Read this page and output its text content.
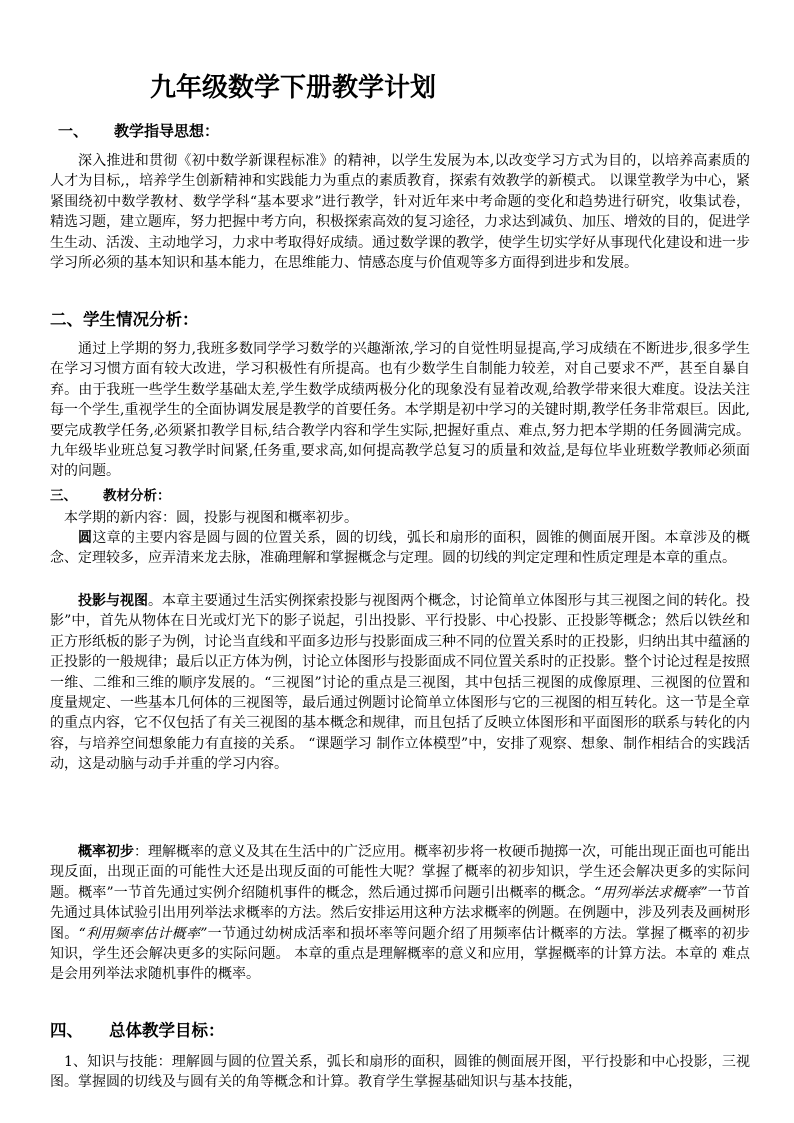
九年级数学下册教学计划
一、 教学指导思想：

深入推进和贯彻《初中数学新课程标准》的精神，以学生发展为本,以改变学习方式为目的，以培养高素质的人才为目标,，培养学生创新精神和实践能力为重点的素质教育，探索有效教学的新模式。 以课堂教学为中心，紧紧围绕初中数学教材、数学学科“基本要求”进行教学，针对近年来中考命题的变化和趋势进行研究，收集试卷，精选习题，建立题库，努力把握中考方向，积极探索高效的复习途径，力求达到减负、加压、增效的目的，促进学生生动、活泼、主动地学习，力求中考取得好成绩。通过数学课的教学，使学生切实学好从事现代化建设和进一步学习所必须的基本知识和基本能力，在思维能力、情感态度与价值观等多方面得到进步和发展。

二、学生情况分析：

通过上学期的努力,我班多数同学学习数学的兴趣渐浓,学习的自觉性明显提高,学习成绩在不断进步,很多学生在学习习惯方面有较大改进，学习积极性有所提高。也有少数学生自制能力较差，对自己要求不严，甚至自暴自弃。由于我班一些学生数学基础太差,学生数学成绩两极分化的现象没有显着改观,给教学带来很大难度。设法关注每一个学生,重视学生的全面协调发展是教学的首要任务。本学期是初中学习的关键时期,教学任务非常艰巨。因此,要完成教学任务,必须紧扣教学目标,结合教学内容和学生实际,把握好重点、难点,努力把本学期的任务圆满完成。九年级毕业班总复习教学时间紧,任务重,要求高,如何提高教学总复习的质量和效益,是每位毕业班数学教师必须面对的问题。

三、 教材分析：

本学期的新内容：圆，投影与视图和概率初步。

圆这章的主要内容是圆与圆的位置关系，圆的切线，弧长和扇形的面积，圆锥的侧面展开图。本章涉及的概念、定理较多，应弄清来龙去脉，准确理解和掌握概念与定理。圆的切线的判定定理和性质定理是本章的重点。

投影与视图。本章主要通过生活实例探索投影与视图两个概念，讨论简单立体图形与其三视图之间的转化。投影”中，首先从物体在日光或灯光下的影子说起，引出投影、平行投影、中心投影、正投影等概念；然后以铁丝和正方形纸板的影子为例，讨论当直线和平面多边形与投影面成三种不同的位置关系时的正投影，归纳出其中蕴涵的正投影的一般规律；最后以正方体为例，讨论立体图形与投影面成不同位置关系时的正投影。整个讨论过程是按照一维、二维和三维的顺序发展的。“三视图”讨论的重点是三视图，其中包括三视图的成像原理、三视图的位置和度量规定、一些基本几何体的三视图等，最后通过例题讨论简单立体图形与它的三视图的相互转化。这一节是全章的重点内容，它不仅包括了有关三视图的基本概念和规律，而且包括了反映立体图形和平面图形的联系与转化的内容，与培养空间想象能力有直接的关系。 “课题学习 制作立体模型”中，安排了观察、想象、制作相结合的实践活动，这是动脑与动手并重的学习内容。

概率初步：理解概率的意义及其在生活中的广泛应用。概率初步将一枚硬币抛掷一次，可能出现正面也可能出现反面，出现正面的可能性大还是出现反面的可能性大呢？掌握了概率的初步知识，学生还会解决更多的实际问题。概率”一节首先通过实例介绍随机事件的概念，然后通过掷币问题引出概率的概念。“用列举法求概率”一节首先通过具体试验引出用列举法求概率的方法。然后安排运用这种方法求概率的例题。在例题中，涉及列表及画树形图。“利用频率估计概率”一节通过幼树成活率和损坏率等问题介绍了用频率估计概率的方法。掌握了概率的初步知识，学生还会解决更多的实际问题。 本章的重点是理解概率的意义和应用，掌握概率的计算方法。本章的 难点是会用列举法求随机事件的概率。

四、 总体教学目标：

1、知识与技能：理解圆与圆的位置关系，弧长和扇形的面积，圆锥的侧面展开图，平行投影和中心投影，三视图。掌握圆的切线及与圆有关的角等概念和计算。教育学生掌握基础知识与基本技能，
